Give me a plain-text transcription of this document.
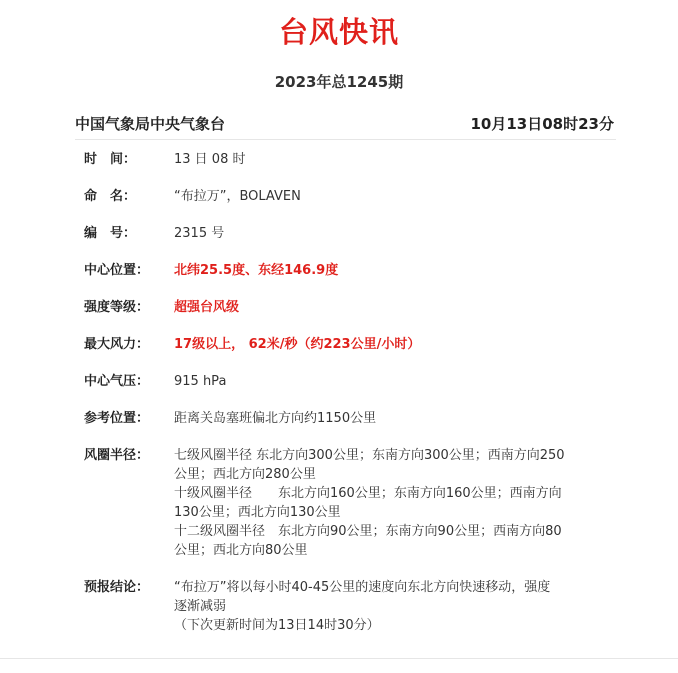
台风快讯
2023年总1245期
中国气象局中央气象台	10月13日08时23分
时　间：	13 日 08 时
命　名：	“布拉万”，BOLAVEN
编　号：	2315 号
中心位置：	北纬25.5度、东经146.9度
强度等级：	超强台风级
最大风力：	17级以上， 62米/秒（约223公里/小时）
中心气压：	915 hPa
参考位置：	距离关岛塞班偏北方向约1150公里
风圈半径：	七级风圈半径 东北方向300公里；东南方向300公里；西南方向250
公里；西北方向280公里
十级风圈半径　　东北方向160公里；东南方向160公里；西南方向
130公里；西北方向130公里
十二级风圈半径　东北方向90公里；东南方向90公里；西南方向80
公里；西北方向80公里
预报结论：	“布拉万”将以每小时40-45公里的速度向东北方向快速移动，强度
逐渐减弱
（下次更新时间为13日14时30分）
